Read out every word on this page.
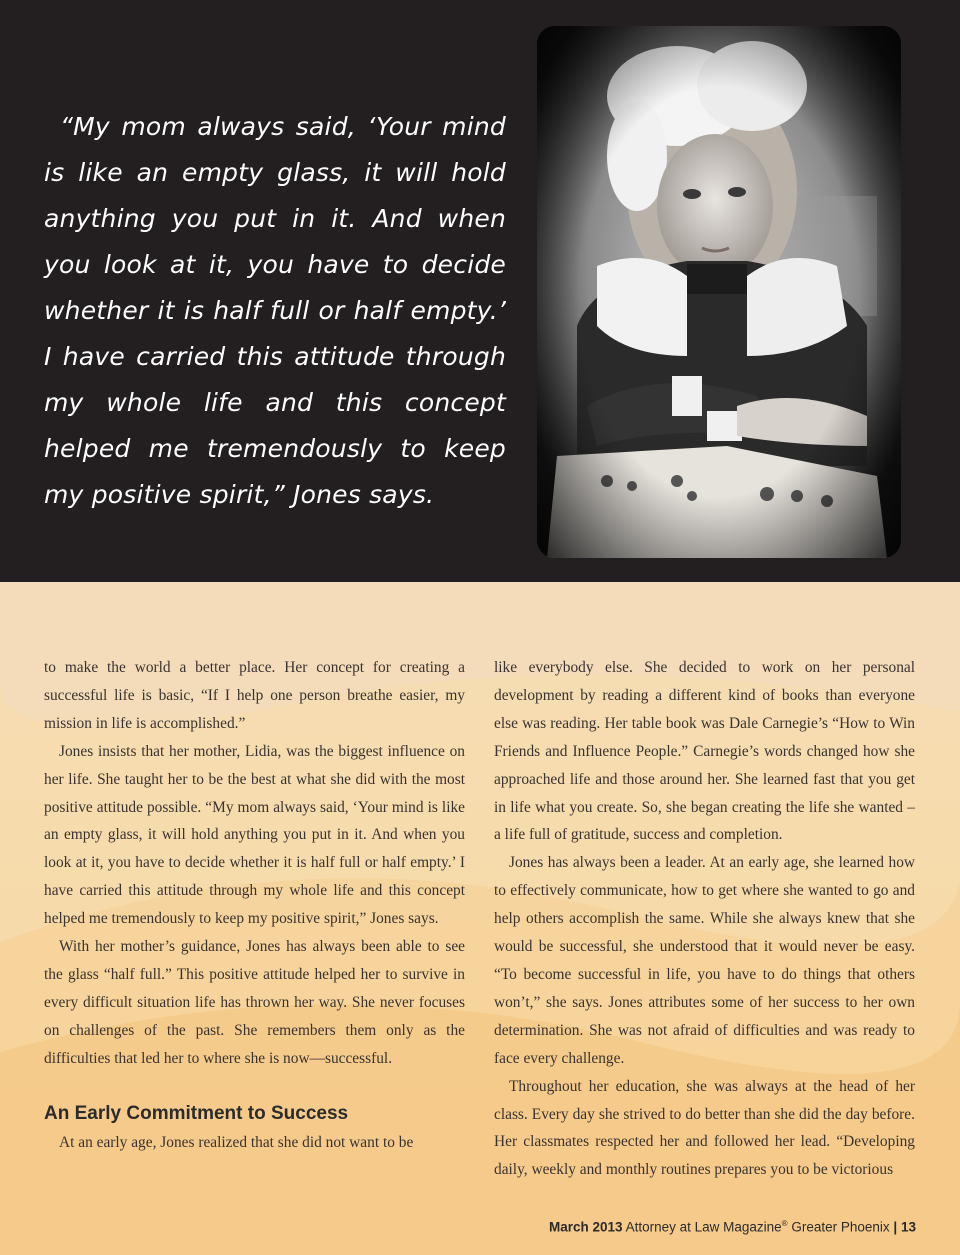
“My mom always said, ‘Your mind is like an empty glass, it will hold anything you put in it. And when you look at it, you have to decide whether it is half full or half empty.’ I have carried this attitude through my whole life and this concept helped me tremendously to keep my positive spirit,” Jones says.

to make the world a better place. Her concept for creating a successful life is basic, “If I help one person breathe easier, my mission in life is accomplished.”

Jones insists that her mother, Lidia, was the biggest influence on her life. She taught her to be the best at what she did with the most positive attitude possible. “My mom always said, ‘Your mind is like an empty glass, it will hold anything you put in it. And when you look at it, you have to decide whether it is half full or half empty.’ I have carried this attitude through my whole life and this concept helped me tremendously to keep my positive spirit,” Jones says.

With her mother’s guidance, Jones has always been able to see the glass “half full.” This positive attitude helped her to survive in every difficult situation life has thrown her way. She never focuses on challenges of the past. She remembers them only as the difficulties that led her to where she is now—successful.

An Early Commitment to Success

At an early age, Jones realized that she did not want to be

like everybody else. She decided to work on her personal development by reading a different kind of books than everyone else was reading. Her table book was Dale Carnegie’s “How to Win Friends and Influence People.” Carnegie’s words changed how she approached life and those around her. She learned fast that you get in life what you create. So, she began creating the life she wanted – a life full of gratitude, success and completion.

Jones has always been a leader. At an early age, she learned how to effectively communicate, how to get where she wanted to go and help others accomplish the same. While she always knew that she would be successful, she understood that it would never be easy. “To become successful in life, you have to do things that others won’t,” she says. Jones attributes some of her success to her own determination. She was not afraid of difficulties and was ready to face every challenge.

Throughout her education, she was always at the head of her class. Every day she strived to do better than she did the day before. Her classmates respected her and followed her lead. “Developing daily, weekly and monthly routines prepares you to be victorious

March 2013 Attorney at Law Magazine® Greater Phoenix | 13
